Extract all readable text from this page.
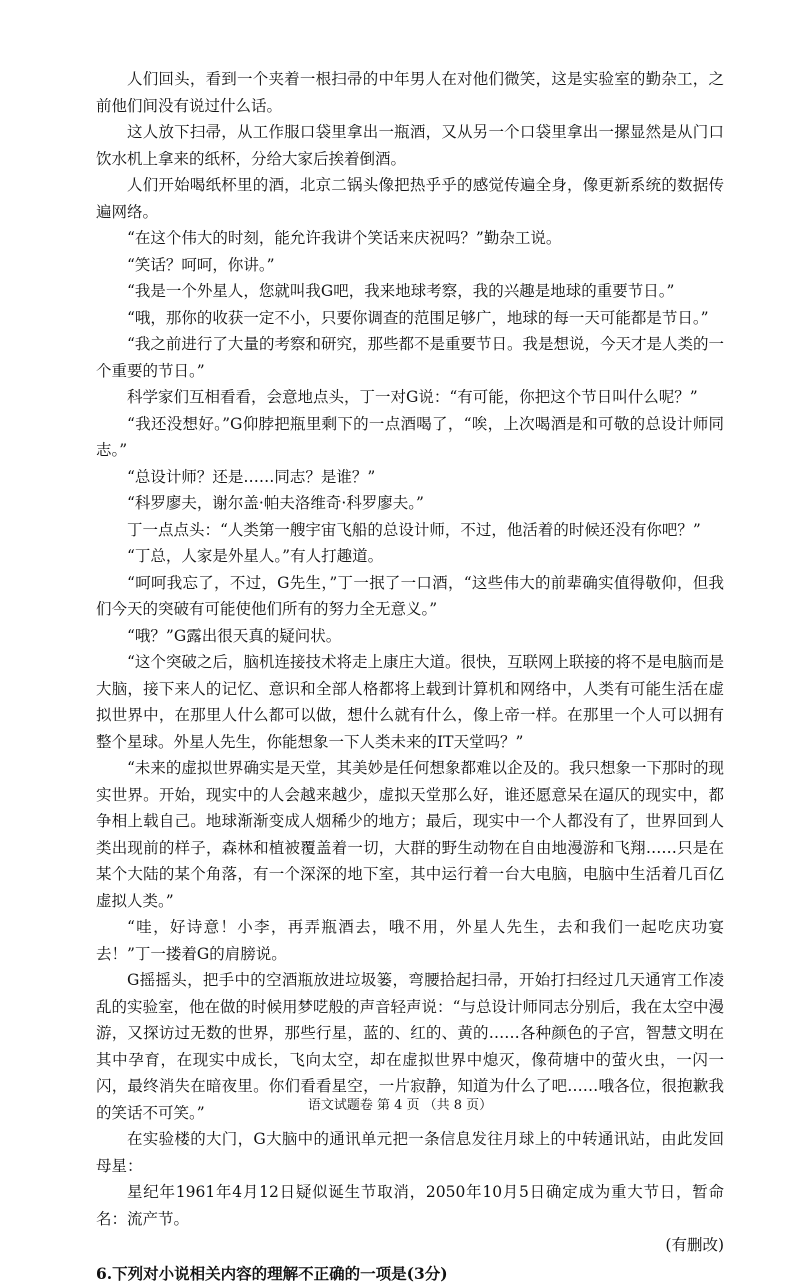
人们回头，看到一个夹着一根扫帚的中年男人在对他们微笑，这是实验室的勤杂工，之前他们间没有说过什么话。

这人放下扫帚，从工作服口袋里拿出一瓶酒，又从另一个口袋里拿出一摞显然是从门口饮水机上拿来的纸杯，分给大家后挨着倒酒。

人们开始喝纸杯里的酒，北京二锅头像把热乎乎的感觉传遍全身，像更新系统的数据传遍网络。

“在这个伟大的时刻，能允许我讲个笑话来庆祝吗？”勤杂工说。

“笑话？呵呵，你讲。”

“我是一个外星人，您就叫我G吧，我来地球考察，我的兴趣是地球的重要节日。”

“哦，那你的收获一定不小，只要你调查的范围足够广，地球的每一天可能都是节日。”

“我之前进行了大量的考察和研究，那些都不是重要节日。我是想说，今天才是人类的一个重要的节日。”

科学家们互相看看，会意地点头，丁一对G说：“有可能，你把这个节日叫什么呢？”

“我还没想好。”G仰脖把瓶里剩下的一点酒喝了，“唉，上次喝酒是和可敬的总设计师同志。”

“总设计师？还是……同志？是谁？”

“科罗廖夫，谢尔盖·帕夫洛维奇·科罗廖夫。”

丁一点点头：“人类第一艘宇宙飞船的总设计师，不过，他活着的时候还没有你吧？”

“丁总，人家是外星人。”有人打趣道。

“呵呵我忘了，不过，G先生，”丁一抿了一口酒，“这些伟大的前辈确实值得敬仰，但我们今天的突破有可能使他们所有的努力全无意义。”

“哦？”G露出很天真的疑问状。

“这个突破之后，脑机连接技术将走上康庄大道。很快，互联网上联接的将不是电脑而是大脑，接下来人的记忆、意识和全部人格都将上载到计算机和网络中，人类有可能生活在虚拟世界中，在那里人什么都可以做，想什么就有什么，像上帝一样。在那里一个人可以拥有整个星球。外星人先生，你能想象一下人类未来的IT天堂吗？”

“未来的虚拟世界确实是天堂，其美妙是任何想象都难以企及的。我只想象一下那时的现实世界。开始，现实中的人会越来越少，虚拟天堂那么好，谁还愿意呆在逼仄的现实中，都争相上载自己。地球渐渐变成人烟稀少的地方；最后，现实中一个人都没有了，世界回到人类出现前的样子，森林和植被覆盖着一切，大群的野生动物在自由地漫游和飞翔……只是在某个大陆的某个角落，有一个深深的地下室，其中运行着一台大电脑，电脑中生活着几百亿虚拟人类。”

“哇，好诗意！小李，再弄瓶酒去，哦不用，外星人先生，去和我们一起吃庆功宴去！”丁一搂着G的肩膀说。

G摇摇头，把手中的空酒瓶放进垃圾篓，弯腰拾起扫帚，开始打扫经过几天通宵工作凌乱的实验室，他在做的时候用梦呓般的声音轻声说：“与总设计师同志分别后，我在太空中漫游，又探访过无数的世界，那些行星，蓝的、红的、黄的……各种颜色的子宫，智慧文明在其中孕育，在现实中成长，飞向太空，却在虚拟世界中熄灭，像荷塘中的萤火虫，一闪一闪，最终消失在暗夜里。你们看看星空，一片寂静，知道为什么了吧……哦各位，很抱歉我的笑话不可笑。”

在实验楼的大门，G大脑中的通讯单元把一条信息发往月球上的中转通讯站，由此发回母星：

星纪年1961年4月12日疑似诞生节取消，2050年10月5日确定成为重大节日，暂命名：流产节。

(有删改)

6.下列对小说相关内容的理解不正确的一项是(3分)

语文试题卷 第 4 页 （共 8 页）
